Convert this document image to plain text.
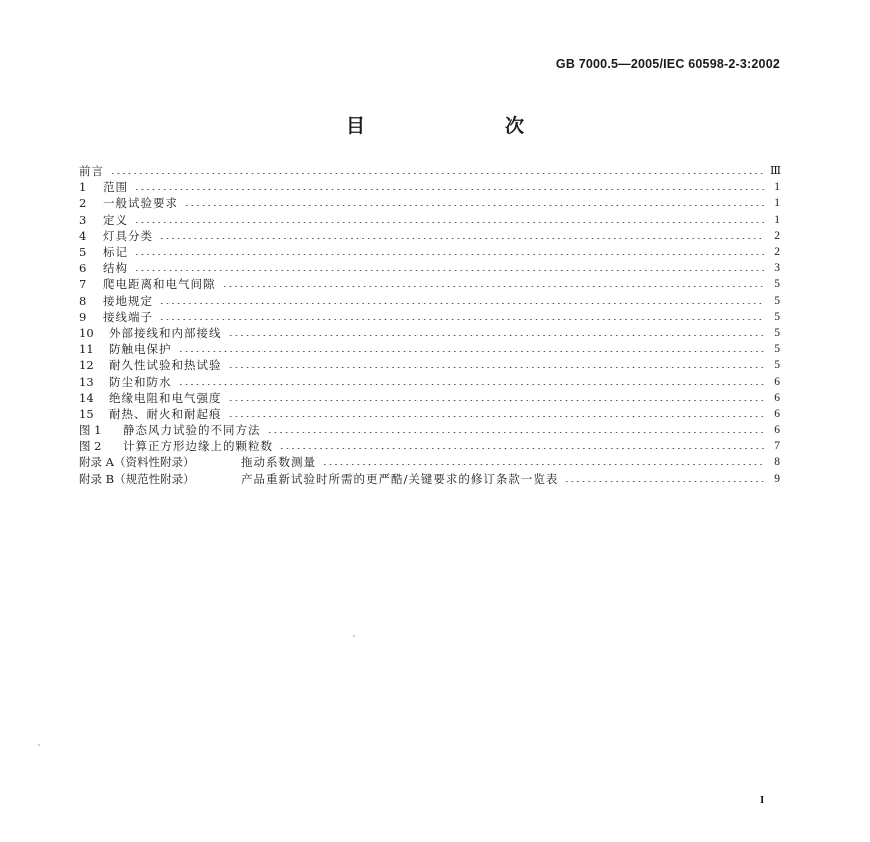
GB 7000.5—2005/IEC 60598-2-3:2002
目　　次
前言	Ⅲ
1	范围	1
2	一般试验要求	1
3	定义	1
4	灯具分类	2
5	标记	2
6	结构	3
7	爬电距离和电气间隙	5
8	接地规定	5
9	接线端子	5
10	外部接线和内部接线	5
11	防触电保护	5
12	耐久性试验和热试验	5
13	防尘和防水	6
14	绝缘电阻和电气强度	6
15	耐热、耐火和耐起痕	6
图 1	静态风力试验的不同方法	6
图 2	计算正方形边缘上的颗粒数	7
附录 A（资料性附录）	拖动系数测量	8
附录 B（规范性附录）	产品重新试验时所需的更严酷/关键要求的修订条款一览表	9
I
